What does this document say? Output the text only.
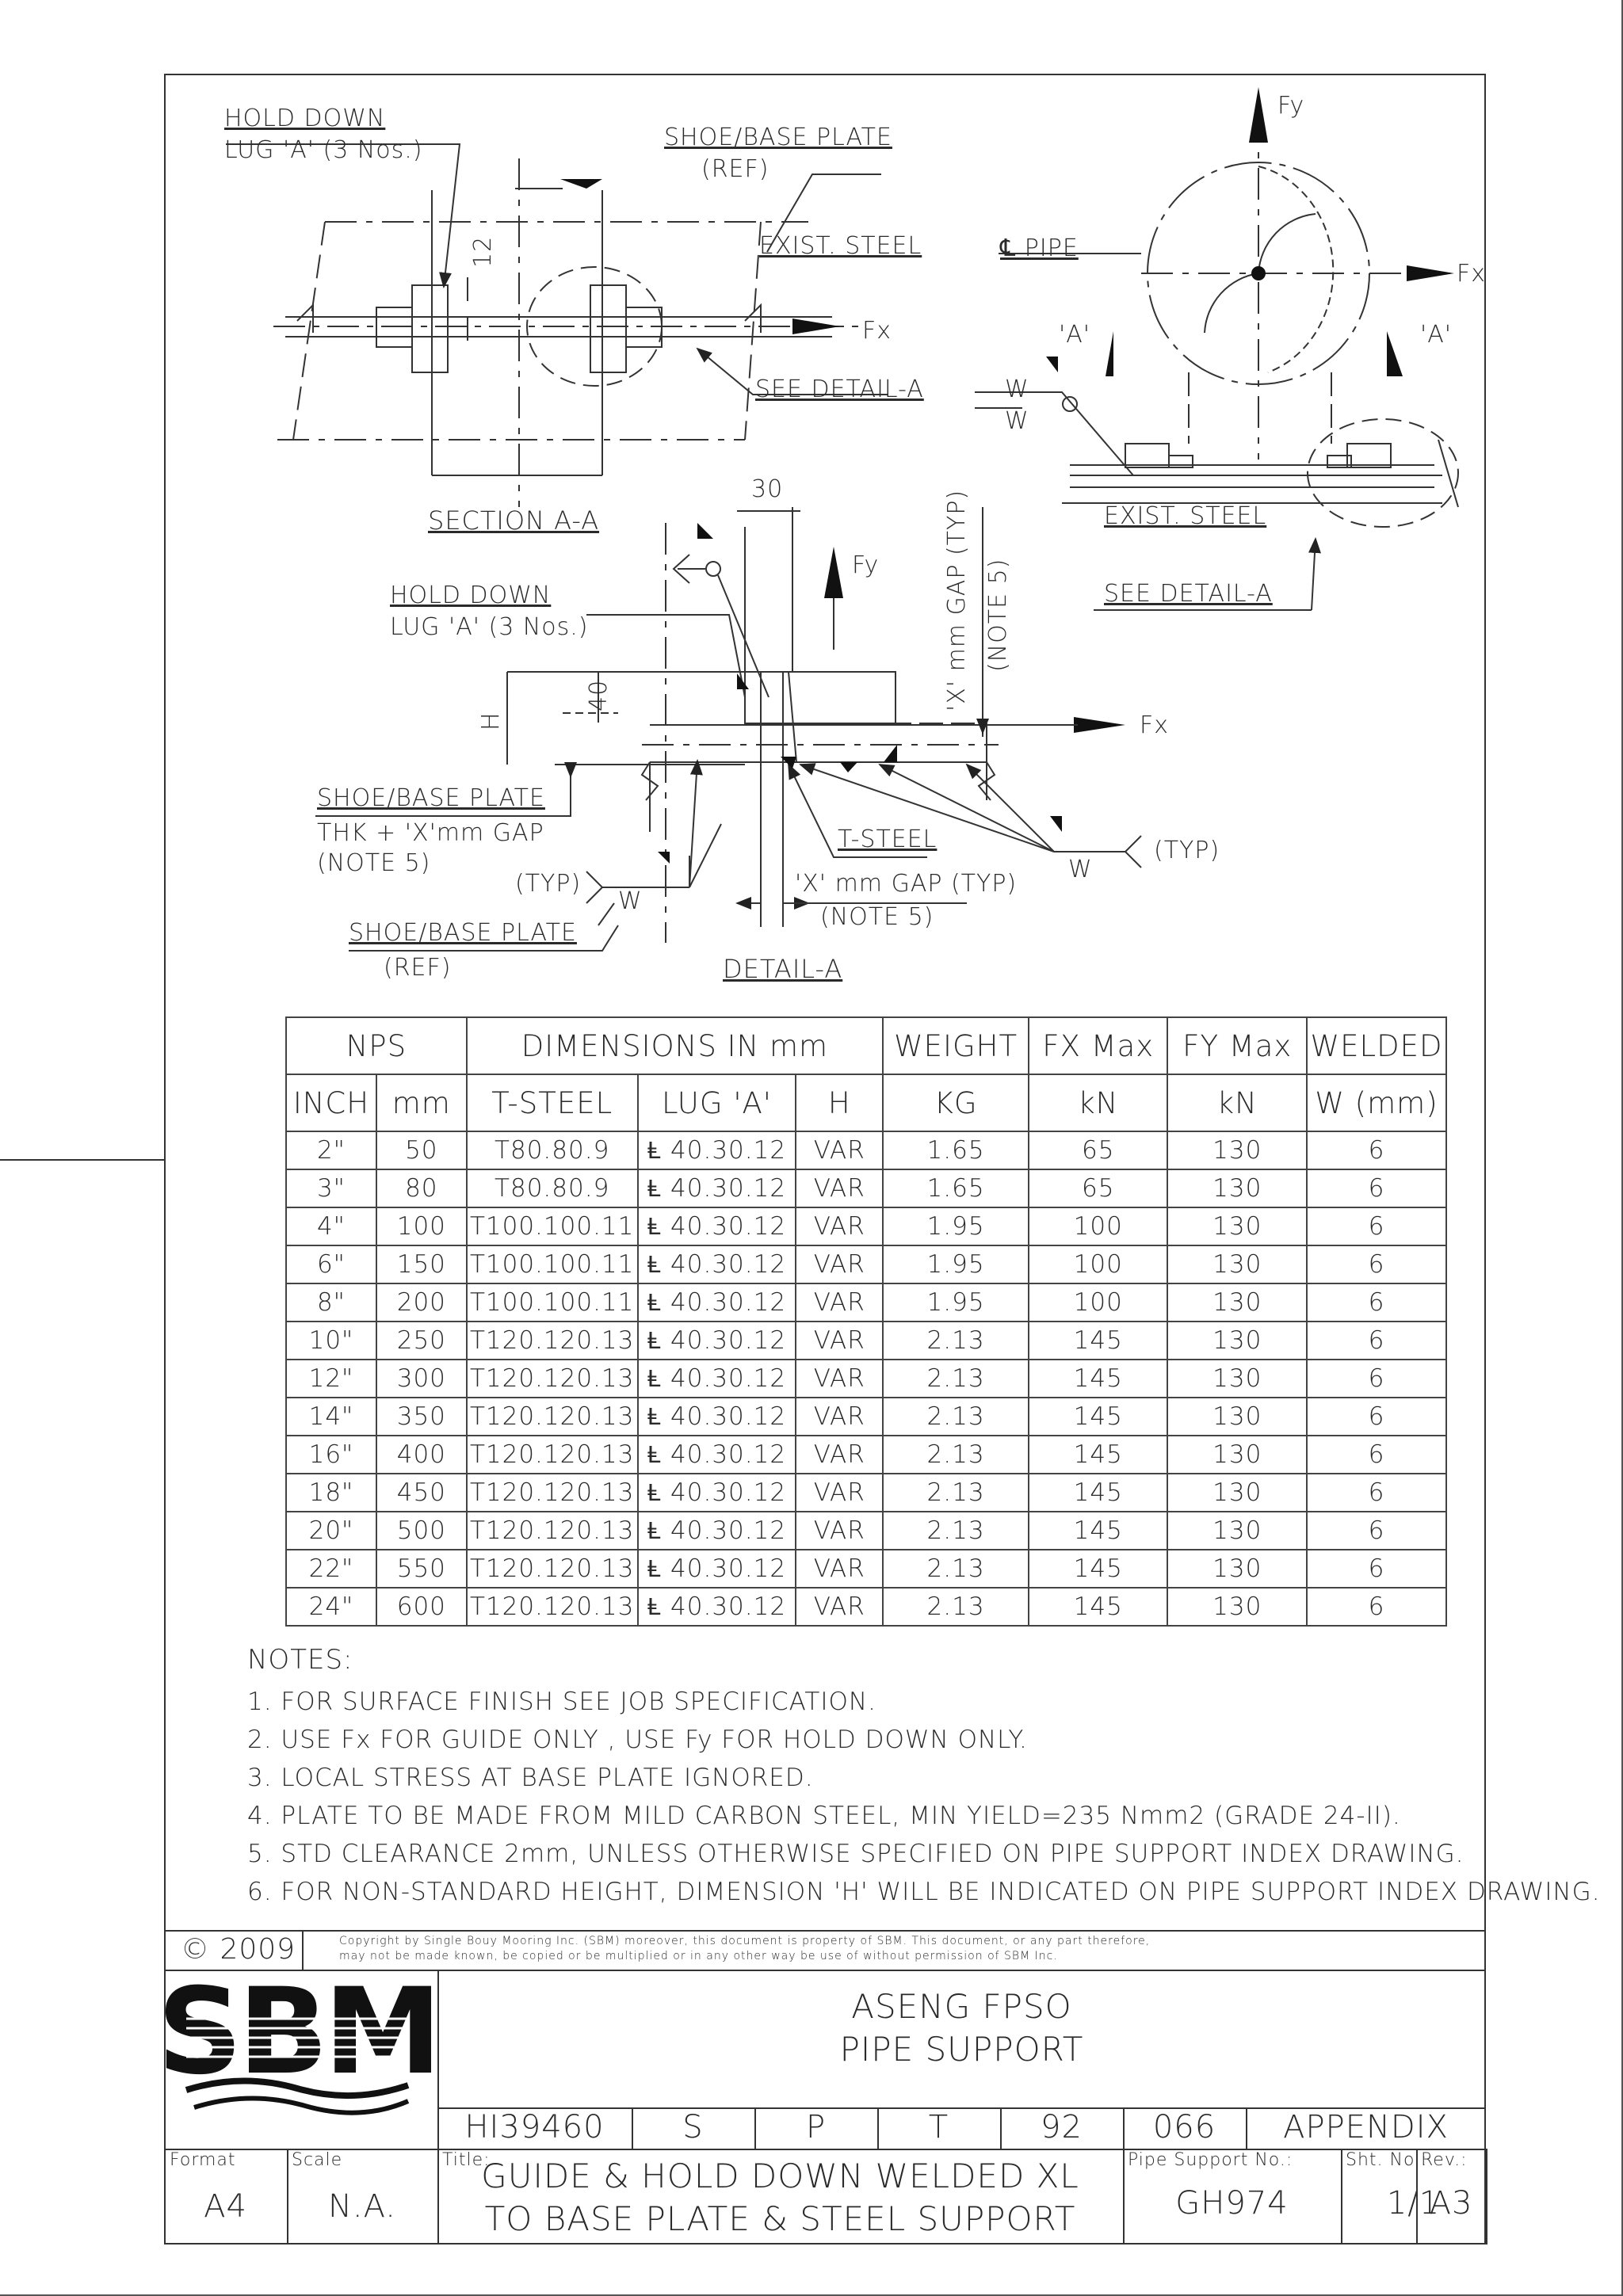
HOLD DOWN
LUG 'A' (3 Nos.)	SHOE/BASE PLATE
(REF)
EXIST. STEEL
SEE DETAIL-A
Fx
12
SECTION A-A
Fy
Fx
℄ PIPE
'A'	'A'
W
W
EXIST. STEEL
SEE DETAIL-A
30
Fy
Fx
'X' mm GAP (TYP) (NOTE 5)
HOLD DOWN
LUG 'A' (3 Nos.)
H
40
SHOE/BASE PLATE
THK + 'X'mm GAP
(NOTE 5)
T-STEEL
(TYP)
W
W
(TYP)
'X' mm GAP (TYP)
(NOTE 5)
SHOE/BASE PLATE
(REF)	DETAIL-A
NPS		DIMENSIONS IN mm			WEIGHT	FX Max	FY Max	WELDED
INCH	mm	T-STEEL	LUG 'A'	H	KG	kN	kN	W (mm)
2"	50	T80.80.9	Ⱡ 40.30.12	VAR	1.65	65	130	6
3"	80	T80.80.9	Ⱡ 40.30.12	VAR	1.65	65	130	6
4"	100	T100.100.11	Ⱡ 40.30.12	VAR	1.95	100	130	6
6"	150	T100.100.11	Ⱡ 40.30.12	VAR	1.95	100	130	6
8"	200	T100.100.11	Ⱡ 40.30.12	VAR	1.95	100	130	6
10"	250	T120.120.13	Ⱡ 40.30.12	VAR	2.13	145	130	6
12"	300	T120.120.13	Ⱡ 40.30.12	VAR	2.13	145	130	6
14"	350	T120.120.13	Ⱡ 40.30.12	VAR	2.13	145	130	6
16"	400	T120.120.13	Ⱡ 40.30.12	VAR	2.13	145	130	6
18"	450	T120.120.13	Ⱡ 40.30.12	VAR	2.13	145	130	6
20"	500	T120.120.13	Ⱡ 40.30.12	VAR	2.13	145	130	6
22"	550	T120.120.13	Ⱡ 40.30.12	VAR	2.13	145	130	6
24"	600	T120.120.13	Ⱡ 40.30.12	VAR	2.13	145	130	6
NOTES:
1. FOR SURFACE FINISH SEE JOB SPECIFICATION.
2. USE Fx FOR GUIDE ONLY , USE Fy FOR HOLD DOWN ONLY.
3. LOCAL STRESS AT BASE PLATE IGNORED.
4. PLATE TO BE MADE FROM MILD CARBON STEEL, MIN YIELD=235 Nmm2 (GRADE 24-II).
5. STD CLEARANCE 2mm, UNLESS OTHERWISE SPECIFIED ON PIPE SUPPORT INDEX DRAWING.
6. FOR NON-STANDARD HEIGHT, DIMENSION 'H' WILL BE INDICATED ON PIPE SUPPORT INDEX DRAWING.
© 2009	Copyright by Single Bouy Mooring Inc. (SBM) moreover, this document is property of SBM. This document, or any part therefore,
may not be made known, be copied or be multiplied or in any other way be use of without permission of SBM Inc.
SBM	ASENG FPSO
PIPE SUPPORT
HI39460	S	P	T	92	066	APPENDIX
Format
A4
Scale
N.A.
Title:
GUIDE & HOLD DOWN WELDED XL
TO BASE PLATE & STEEL SUPPORT
Pipe Support No.:
GH974
Sht. No.:
1/1
Rev.:
A3
